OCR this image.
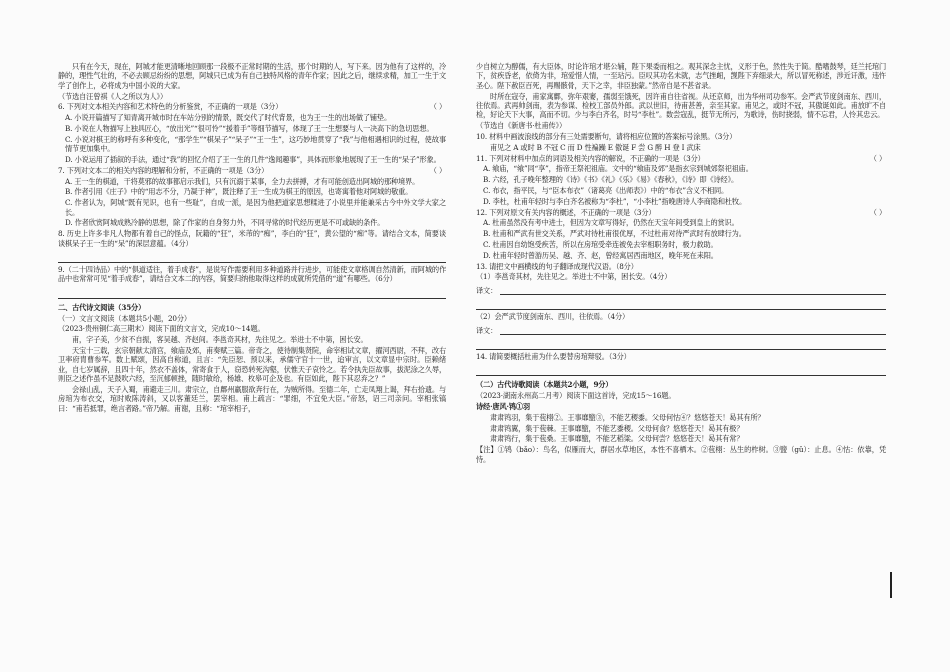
只有在今天，现在，阿城才能更清晰地回顾那一段极不正常时期的生活，那个时期的人，写下来。因为他有了这样的，冷静的，理性气壮的，不必去顾忌纷纷的思想，阿城只已成为有自己独特风格的青年作家；因此之后，继续求精，加工一生于文学了创作上，必将成为中国小说的大家。

（节选自汪曾祺《人之所以为人》）

6. 下列对文本相关内容和艺术特色的分析鉴赏，不正确的一项是（3分）	（ ）

A. 小说开篇描写了知青离开城市时在车站分别的情景，既交代了时代背景，也为王一生的出场做了铺垫。

B. 小说在人物描写上独具匠心，“放出光”“很可怜”“援着手”等细节描写，体现了王一生想要与人一决高下的急切思想。

C. 小说对棋王的称呼有多种变化，“那学生”“棋呆子”“呆子”“王一生”，这巧妙地贯穿了“我”与他相遇相识的过程，使故事情节更加集中。

D. 小说运用了插叙的手法，通过“我”的回忆介绍了王一生的几件“逸闻趣事”，具体而形象地展现了王一生的“呆子”形象。

7. 下列对文本二的相关内容的理解和分析，不正确的一项是（3分）	（ ）

A. 王一生的棋道，干将莫邪的故事都启示我们，只有沉溺于某事，全力去拼搏，才有可能创造出阿城的那种境界。

B. 作者引用《庄子》中的“用志不分，乃凝于神”，既注释了王一生成为棋王的原因，也寄寓着他对阿城的敬重。

C. 作者认为，阿城“既有见识，也有一些耻”，自成一派，是因为他把道家思想糅进了小说里并能兼采古今中外文学大家之长。

D. 作者欣赏阿城成熟冷静的思想，除了作家的自身努力外，不同寻常的时代经历更是不可或缺的条件。

8. 历史上许多非凡人物都有着自己的怪点，阮籍的“狂”，米芾的“痴”，李白的“狂”，黄公望的“痴”等。请结合文本，简要谈谈棋呆子王一生的“呆”的深层意蕴。（4分）

9.（二十四诗品）中的“俱道适往，着手成春”，是说写作需要利用多种道路并行进步，可能使文章格调自然清新，而阿城的作品中也常常可见“着手成春”，请结合文本二的内容，简要归纳他取得这样的成就所凭借的“道”有哪些。（6分）

二、古代诗文阅读（35分）

（一）文言文阅读（本题共5小题，20分）

（2023·贵州铜仁高三期末）阅读下面的文言文，完成10～14题。

甫，字子美，少贫不自振，客吴越、齐赵间。李邕奇其材，先往见之。举进士不中第，困长安。

天宝十三载，玄宗朝献太清宫，飨庙及郊，甫奏赋三篇。帝奇之，使待制集贤院，命宰相试文章，擢河西尉，不拜，改右卫率府胄曹参军。数上赋颂，因高自称道，且言：“先臣恕、预以来，承儒守官十一世，迨审言，以文章显中宗时。臣赖绪业，自七岁属辞，且四十年，然衣不盖体，常寄食于人，窃恐转死沟壑，伏惟天子哀怜之。若令执先臣故事，拔泥涂之久辱，则臣之述作虽不足鼓吹六经，至沉郁顿挫，随时敏给，杨雄、枚皋可企及也。有臣如此，陛下其忍弃之？”

会禄山乱，天子入蜀，甫避走三川。肃宗立，自鄜州羸服欲奔行在，为贼所得。至德二年，亡走凤翔上谒，拜右拾遗。与房琯为布衣交，琯时败陈涛斜，又以客董廷兰，罢宰相。甫上疏言：“罪细，不宜免大臣。”帝怒，诏三司亲问。宰相张镐曰：“甫若抵罪，绝言者路。”帝乃解。甫谢，且称：“琯宰相子，

少自树立为醇儒，有大臣体，时论许琯才堪公辅，陛下果委而相之。观其深念主忧，义形于色，然性失于简。酷嗜鼓琴，廷兰托琯门下，贫疾昏老，依倚为非，琯爱惜人情，一至玷污。臣叹其功名未就，志气挫衄，觊陛下弃细录大，所以冒死称述，涉近讦激，违忤圣心。陛下赦臣百死，再赐骸骨，天下之幸，非臣独蒙。”然帝自是不甚省录。

时所在寇夺，甫家寓鄜，弥年艰窭，孺弱至饿死，因许甫自往省视。从还京师，出为华州司功参军。会严武节度剑南东、西川，往依焉。武再帅剑南，表为参谋、检校工部员外郎。武以世旧，待甫甚善，亲至其家。甫见之，或时不冠，其傲诞如此。甫放旷不自检，好论天下大事，高而不切。少与李白齐名，时号“李杜”。数尝寇乱，挺节无所污，为歌诗，伤时挠弱，情不忘君，人怜其忠云。

（节选自《新唐书·杜甫传》）

10. 材料中画波浪线的部分有三处需要断句，请将相应位置的答案标号涂黑。（3分）

甫见之 A 或时 B 不冠 C 而 D 性褊躁 E 傲诞 F 尝 G 醉 H 登 I 武床

11. 下列对材料中加点的词语及相关内容的解说，不正确的一项是（3分）	（ ）

A. 飨庙，“飨”同“享”，指帝王祭祀祖庙。文中的“飨庙及郊”是指玄宗到城郊祭祀祖庙。

B. 六经，孔子晚年整理的《诗》《书》《礼》《乐》《易》《春秋》，《诗》即《诗经》。

C. 布衣，指平民，与“臣本布衣”（诸葛亮《出师表》）中的“布衣”含义不相同。

D. 李杜，杜甫年轻时与李白齐名被称为“李杜”，“小李杜”指晚唐诗人李商隐和杜牧。

12. 下列对原文有关内容的概述，不正确的一项是（3分）	（ ）

A. 杜甫虽然没有考中进士，但因为文章写得好，仍然在天宝年间受到皇上的赏识。

B. 杜甫和严武有世交关系，严武对待杜甫很优厚，不过杜甫对待严武时有放肆行为。

C. 杜甫因自幼饱受疾苦，所以在房琯受牵连被免去宰相职务时，极力救助。

D. 杜甫年轻时曾游历吴、越、齐、赵，曾经寓居西南地区，晚年死在耒阳。

13. 请把文中画横线的句子翻译成现代汉语。（8分）

（1）李邕奇其材，先往见之。举进士不中第，困长安。（4分）

译文：

（2）会严武节度剑南东、西川，往依焉。（4分）

译文：

14. 请简要概括杜甫为什么要替房琯辩驳。（3分）

（二）古代诗歌阅读（本题共2小题，9分）

（2023·湖南永州高二月考）阅读下面这首诗，完成15～16题。

诗经·唐风·鸨①羽

肃肃鸨羽，集于苞栩②。王事靡盬③，不能艺稷黍。父母何怙④？悠悠苍天！曷其有所？

肃肃鸨翼，集于苞棘。王事靡盬，不能艺黍稷。父母何食？悠悠苍天！曷其有极？

肃肃鸨行，集于苞桑。王事靡盬，不能艺稻粱。父母何尝？悠悠苍天！曷其有常？

【注】①鸨（bǎo）：鸟名，似雁而大，群居水草地区，本性不喜栖木。②苞栩：丛生的柞树。③盬（gǔ）：止息。④怙：依靠，凭恃。
